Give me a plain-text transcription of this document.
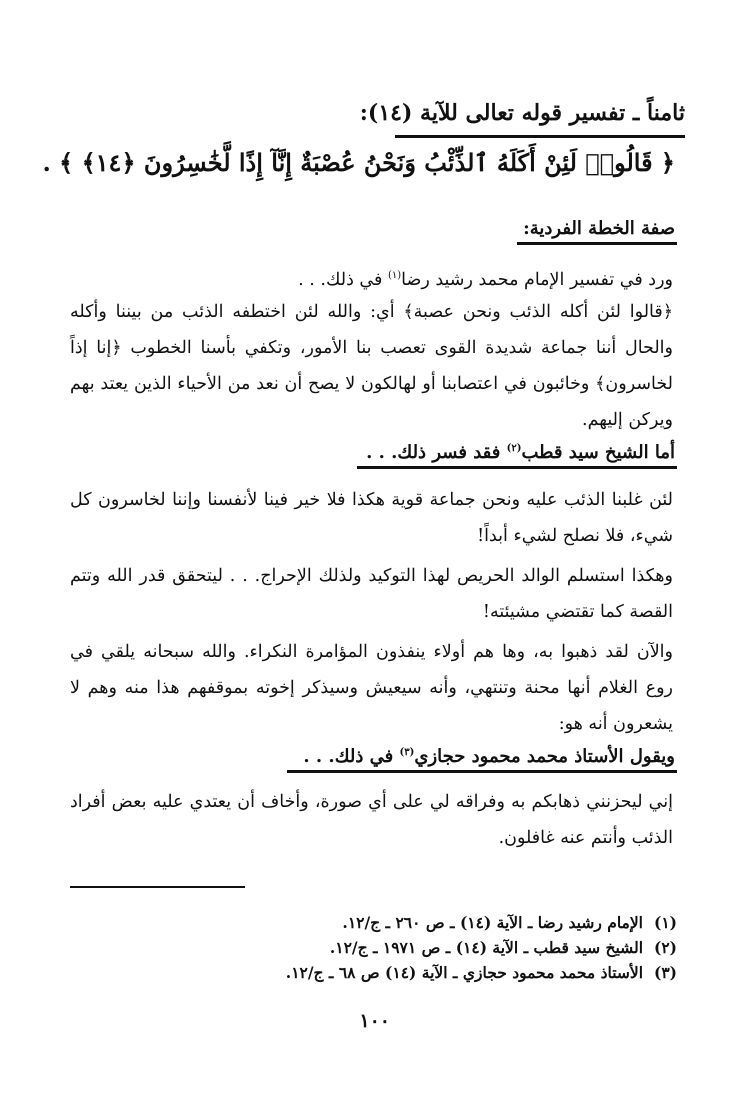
ثامناً ـ تفسير قوله تعالى للآية (١٤):
﴿ قَالُوا۟ لَئِنْ أَكَلَهُ ٱلذِّئْبُ وَنَحْنُ عُصْبَةٌ إِنَّآ إِذًا لَّخَٰسِرُونَ ﴿١٤﴾ ﴾ .
صفة الخطة الفردية:
ورد في تفسير الإمام محمد رشيد رضا$^{(١)}$ في ذلك. . .
﴿قالوا لئن أكله الذئب ونحن عصبة﴾ أي: والله لئن اختطفه الذئب من بيننا وأكله والحال أننا جماعة شديدة القوى تعصب بنا الأمور، وتكفي بأسنا الخطوب ﴿إنا إذاً لخاسرون﴾ وخائبون في اعتصابنا أو لهالكون لا يصح أن نعد من الأحياء الذين يعتد بهم ويركن إليهم.
أما الشيخ سيد قطب$^{(٢)}$ فقد فسر ذلك. . .
لئن غلبنا الذئب عليه ونحن جماعة قوية هكذا فلا خير فينا لأنفسنا وإننا لخاسرون كل شيء، فلا نصلح لشيء أبداً!
وهكذا استسلم الوالد الحريص لهذا التوكيد ولذلك الإحراج. . . ليتحقق قدر الله وتتم القصة كما تقتضي مشيئته!
والآن لقد ذهبوا به، وها هم أولاء ينفذون المؤامرة النكراء. والله سبحانه يلقي في روع الغلام أنها محنة وتنتهي، وأنه سيعيش وسيذكر إخوته بموقفهم هذا منه وهم لا يشعرون أنه هو:
ويقول الأستاذ محمد محمود حجازي$^{(٣)}$ في ذلك. . .
إني ليحزنني ذهابكم به وفراقه لي على أي صورة، وأخاف أن يعتدي عليه بعض أفراد الذئب وأنتم عنه غافلون.
(١)الإمام رشيد رضا ـ الآية (١٤) ـ ص ٢٦٠ ـ ج/١٢.
(٢)الشيخ سيد قطب ـ الآية (١٤) ـ ص ١٩٧١ ـ ج/١٢.
(٣)الأستاذ محمد محمود حجازي ـ الآية (١٤) ص ٦٨ ـ ج/١٢.
١٠٠
